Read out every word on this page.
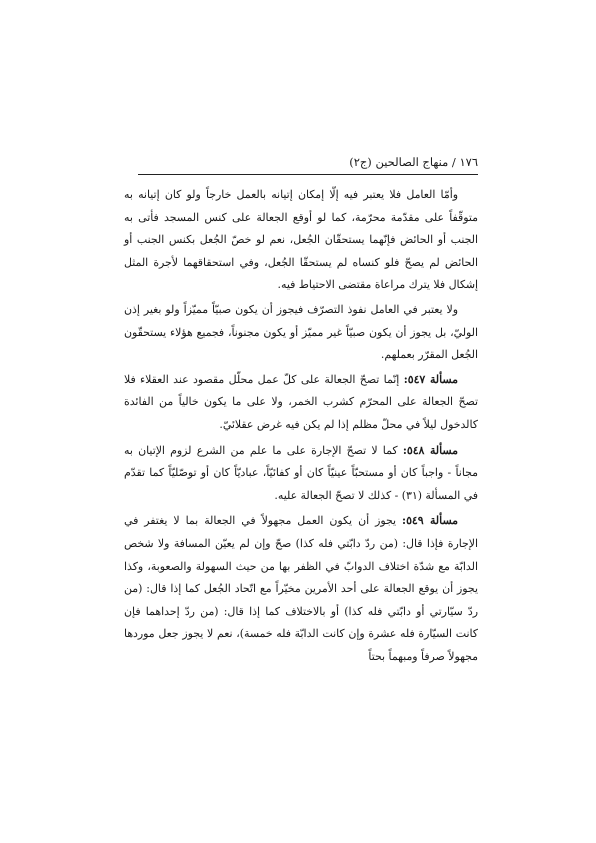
١٧٦ / منهاج الصالحين (ج٢)

وأمّا العامل فلا يعتبر فيه إلّا إمكان إتيانه بالعمل خارجاً ولو كان إتيانه به متوقّفاً على مقدّمة محرّمة، كما لو أوقع الجعالة على كنس المسجد فأتى به الجنب أو الحائض فإنّهما يستحقّان الجُعل، نعم لو خصّ الجُعل بكنس الجنب أو الحائض لم يصحّ فلو كنساه لم يستحقّا الجُعل، وفي استحقاقهما لأجرة المثل إشكال فلا يترك مراعاة مقتضى الاحتياط فيه.

ولا يعتبر في العامل نفوذ التصرّف فيجوز أن يكون صبيّاً مميّزاً ولو بغير إذن الوليّ، بل يجوز أن يكون صبيّاً غير مميّز أو يكون مجنوناً، فجميع هؤلاء يستحقّون الجُعل المقرّر بعملهم.

مسألة ٥٤٧: إنّما تصحّ الجعالة على كلّ عمل محلّل مقصود عند العقلاء فلا تصحّ الجعالة على المحرّم كشرب الخمر، ولا على ما يكون خالياً من الفائدة كالدخول ليلاً في محلّ مظلم إذا لم يكن فيه غرض عقلائيّ.

مسألة ٥٤٨: كما لا تصحّ الإجارة على ما علم من الشرع لزوم الإتيان به مجاناً - واجباً كان أو مستحبّاً عينيّاً كان أو كفائيّاً، عباديّاً كان أو توصّليّاً كما تقدّم في المسألة (٣١) - كذلك لا تصحّ الجعالة عليه.

مسألة ٥٤٩: يجوز أن يكون العمل مجهولاً في الجعالة بما لا يغتفر في الإجارة فإذا قال: (من ردّ دابّتي فله كذا) صحّ وإن لم يعيّن المسافة ولا شخص الدابّة مع شدّة اختلاف الدوابّ في الظفر بها من حيث السهولة والصعوبة، وكذا يجوز أن يوقع الجعالة على أحد الأمرين مخيّراً مع اتّحاد الجُعل كما إذا قال: (من ردّ سيّارتي أو دابّتي فله كذا) أو بالاختلاف كما إذا قال: (من ردّ إحداهما فإن كانت السيّارة فله عشرة وإن كانت الدابّة فله خمسة)، نعم لا يجوز جعل موردها مجهولاً صرفاً ومبهماً بحتاً
